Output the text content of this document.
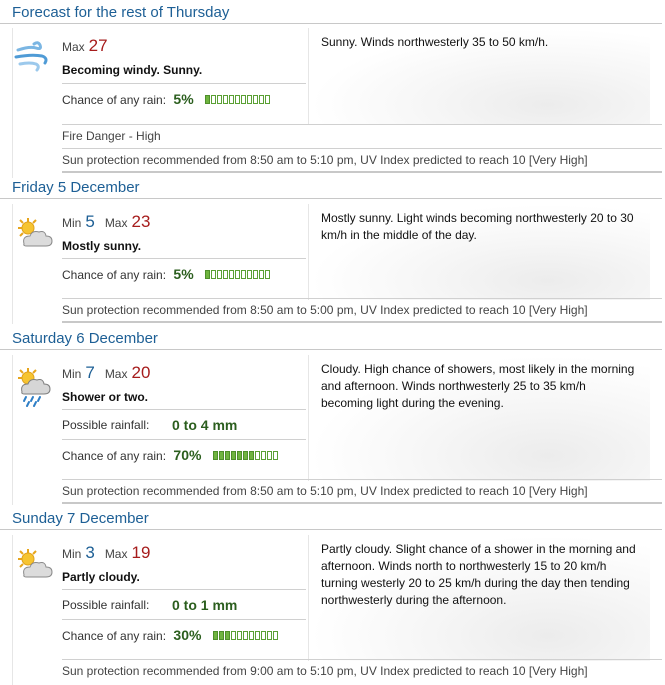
Forecast for the rest of Thursday
Max 27
Becoming windy. Sunny.
Chance of any rain: 5%
Sunny. Winds northwesterly 35 to 50 km/h.
Fire Danger - High
Sun protection recommended from 8:50 am to 5:10 pm, UV Index predicted to reach 10 [Very High]
Friday 5 December
Min 5 Max 23
Mostly sunny.
Chance of any rain: 5%
Mostly sunny. Light winds becoming northwesterly 20 to 30 km/h in the middle of the day.
Sun protection recommended from 8:50 am to 5:00 pm, UV Index predicted to reach 10 [Very High]
Saturday 6 December
Min 7 Max 20
Shower or two.
Possible rainfall: 0 to 4 mm
Chance of any rain: 70%
Cloudy. High chance of showers, most likely in the morning and afternoon. Winds northwesterly 25 to 35 km/h becoming light during the evening.
Sun protection recommended from 8:50 am to 5:10 pm, UV Index predicted to reach 10 [Very High]
Sunday 7 December
Min 3 Max 19
Partly cloudy.
Possible rainfall: 0 to 1 mm
Chance of any rain: 30%
Partly cloudy. Slight chance of a shower in the morning and afternoon. Winds north to northwesterly 15 to 20 km/h turning westerly 20 to 25 km/h during the day then tending northwesterly during the afternoon.
Sun protection recommended from 9:00 am to 5:10 pm, UV Index predicted to reach 10 [Very High]
